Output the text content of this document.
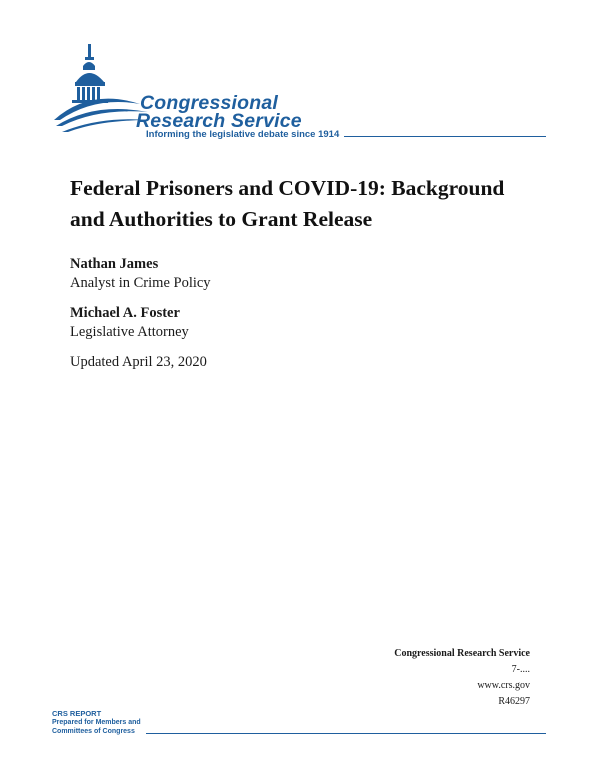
Congressional
Research Service
Informing the legislative debate since 1914
Federal Prisoners and COVID-19: Background and Authorities to Grant Release
Nathan James
Analyst in Crime Policy
Michael A. Foster
Legislative Attorney
Updated April 23, 2020
Congressional Research Service
7-....
www.crs.gov
R46297
CRS REPORT
Prepared for Members and
Committees of Congress
